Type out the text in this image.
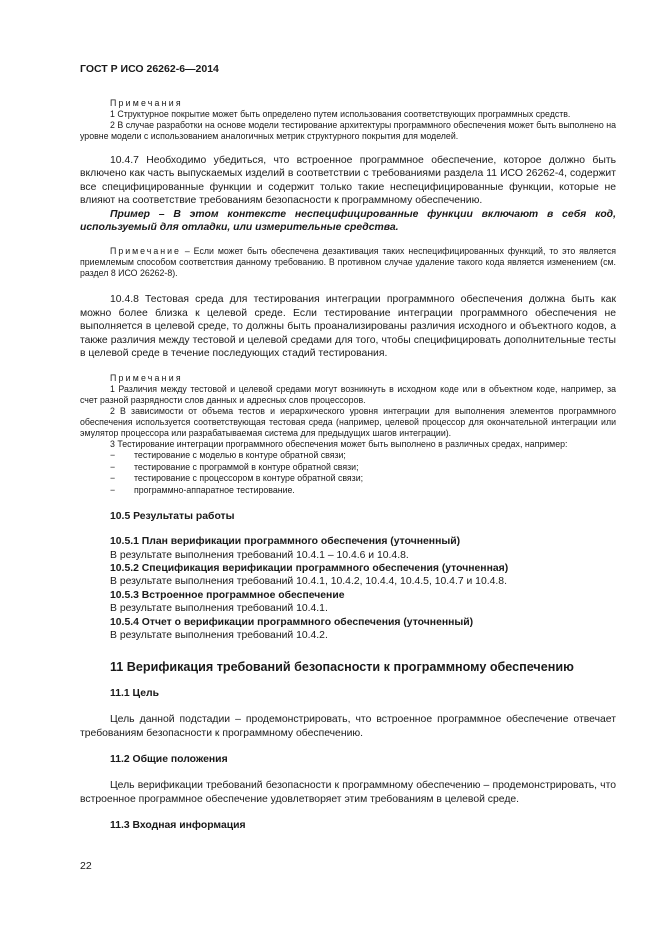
ГОСТ Р ИСО 26262-6—2014

Примечания

1 Структурное покрытие может быть определено путем использования соответствующих программных средств.

2 В случае разработки на основе модели тестирование архитектуры программного обеспечения может быть выполнено на уровне модели с использованием аналогичных метрик структурного покрытия для моделей.

10.4.7 Необходимо убедиться, что встроенное программное обеспечение, которое должно быть включено как часть выпускаемых изделий в соответствии с требованиями раздела 11 ИСО 26262-4, содержит все специфицированные функции и содержит только такие неспецифицированные функции, которые не влияют на соответствие требованиям безопасности к программному обеспечению.

Пример – В этом контексте неспецифицированные функции включают в себя код, используемый для отладки, или измерительные средства.

Примечание – Если может быть обеспечена дезактивация таких неспецифицированных функций, то это является приемлемым способом соответствия данному требованию. В противном случае удаление такого кода является изменением (см. раздел 8 ИСО 26262-8).

10.4.8 Тестовая среда для тестирования интеграции программного обеспечения должна быть как можно более близка к целевой среде. Если тестирование интеграции программного обеспечения не выполняется в целевой среде, то должны быть проанализированы различия исходного и объектного кодов, а также различия между тестовой и целевой средами для того, чтобы специфицировать дополнительные тесты в целевой среде в течение последующих стадий тестирования.

Примечания

1 Различия между тестовой и целевой средами могут возникнуть в исходном коде или в объектном коде, например, за счет разной разрядности слов данных и адресных слов процессоров.

2 В зависимости от объема тестов и иерархического уровня интеграции для выполнения элементов программного обеспечения используется соответствующая тестовая среда (например, целевой процессор для окончательной интеграции или эмулятор процессора или разрабатываемая система для предыдущих шагов интеграции).

3 Тестирование интеграции программного обеспечения может быть выполнено в различных средах, например:

− тестирование с моделью в контуре обратной связи;
− тестирование с программой в контуре обратной связи;
− тестирование с процессором в контуре обратной связи;
− программно-аппаратное тестирование.

10.5 Результаты работы

10.5.1 План верификации программного обеспечения (уточненный)

В результате выполнения требований 10.4.1 – 10.4.6 и 10.4.8.

10.5.2 Спецификация верификации программного обеспечения (уточненная)

В результате выполнения требований 10.4.1, 10.4.2, 10.4.4, 10.4.5, 10.4.7 и 10.4.8.

10.5.3 Встроенное программное обеспечение

В результате выполнения требований 10.4.1.

10.5.4 Отчет о верификации программного обеспечения (уточненный)

В результате выполнения требований 10.4.2.

11 Верификация требований безопасности к программному обеспечению

11.1 Цель

Цель данной подстадии – продемонстрировать, что встроенное программное обеспечение отвечает требованиям безопасности к программному обеспечению.

11.2 Общие положения

Цель верификации требований безопасности к программному обеспечению – продемонстрировать, что встроенное программное обеспечение удовлетворяет этим требованиям в целевой среде.

11.3 Входная информация

22
